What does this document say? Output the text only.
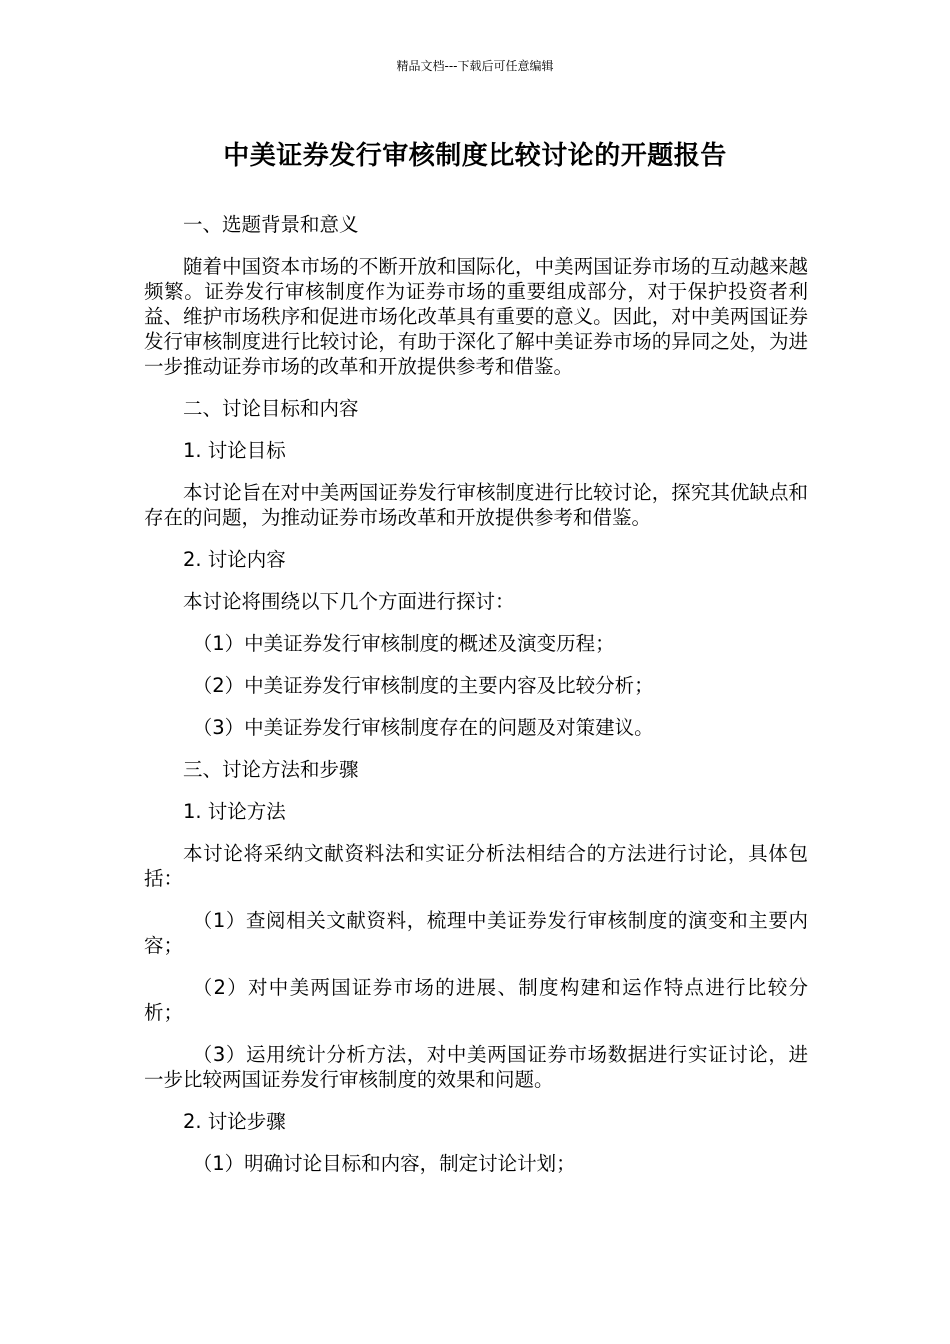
精品文档---下载后可任意编辑
中美证券发行审核制度比较讨论的开题报告

一、选题背景和意义

随着中国资本市场的不断开放和国际化，中美两国证券市场的互动越来越频繁。证券发行审核制度作为证券市场的重要组成部分，对于保护投资者利益、维护市场秩序和促进市场化改革具有重要的意义。因此，对中美两国证券发行审核制度进行比较讨论，有助于深化了解中美证券市场的异同之处，为进一步推动证券市场的改革和开放提供参考和借鉴。

二、讨论目标和内容

1. 讨论目标

本讨论旨在对中美两国证券发行审核制度进行比较讨论，探究其优缺点和存在的问题，为推动证券市场改革和开放提供参考和借鉴。

2. 讨论内容

本讨论将围绕以下几个方面进行探讨：

（1）中美证券发行审核制度的概述及演变历程；

（2）中美证券发行审核制度的主要内容及比较分析；

（3）中美证券发行审核制度存在的问题及对策建议。

三、讨论方法和步骤

1. 讨论方法

本讨论将采纳文献资料法和实证分析法相结合的方法进行讨论，具体包括：

（1）查阅相关文献资料，梳理中美证券发行审核制度的演变和主要内容；

（2）对中美两国证券市场的进展、制度构建和运作特点进行比较分析；

（3）运用统计分析方法，对中美两国证券市场数据进行实证讨论，进一步比较两国证券发行审核制度的效果和问题。

2. 讨论步骤

（1）明确讨论目标和内容，制定讨论计划；
